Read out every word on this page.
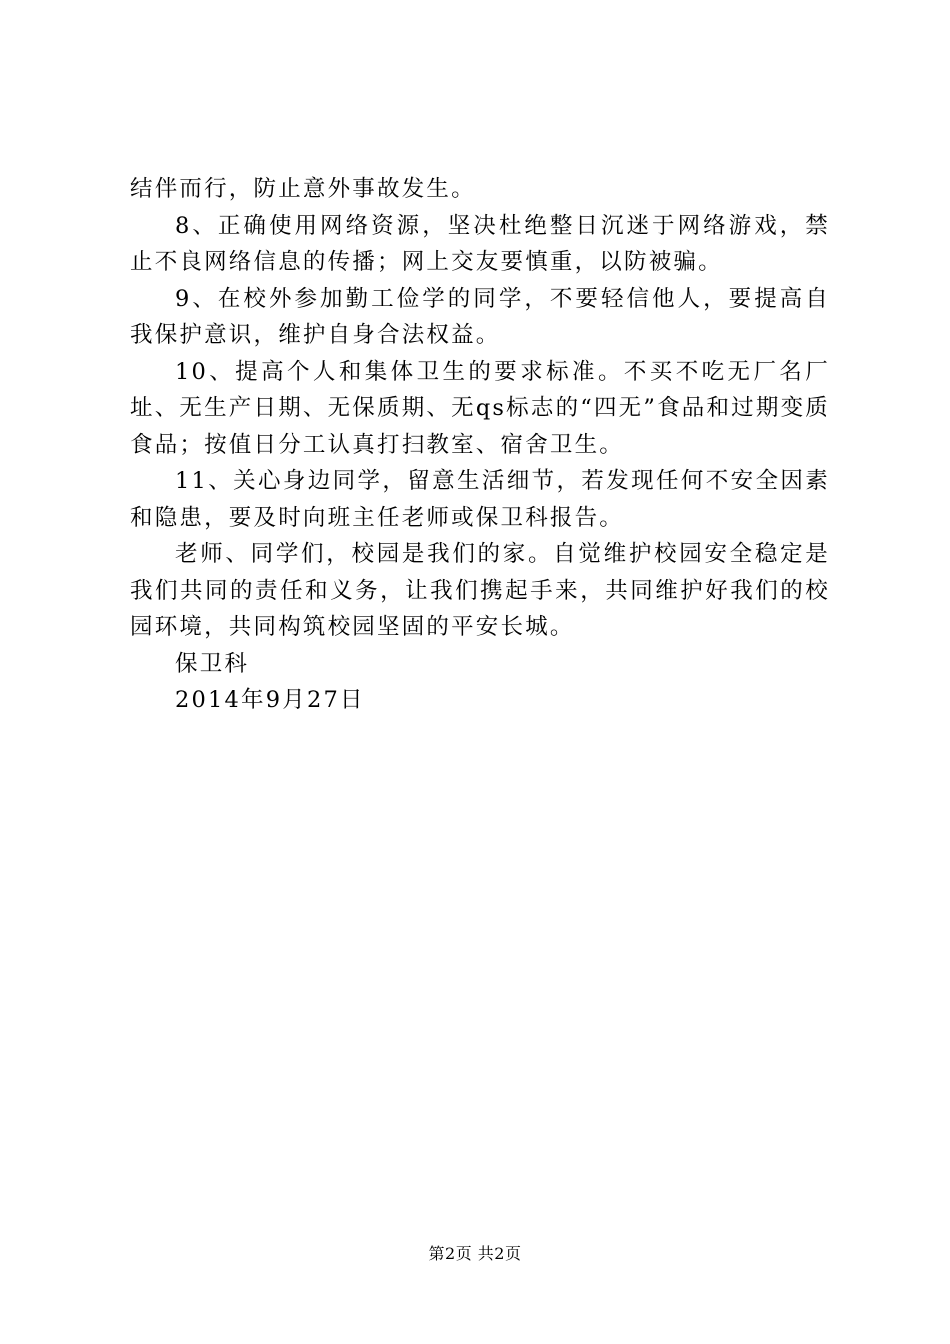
结伴而行，防止意外事故发生。

8、正确使用网络资源，坚决杜绝整日沉迷于网络游戏，禁止不良网络信息的传播；网上交友要慎重，以防被骗。

9、在校外参加勤工俭学的同学，不要轻信他人，要提高自我保护意识，维护自身合法权益。

10、提高个人和集体卫生的要求标准。不买不吃无厂名厂址、无生产日期、无保质期、无qs标志的“四无”食品和过期变质食品；按值日分工认真打扫教室、宿舍卫生。

11、关心身边同学，留意生活细节，若发现任何不安全因素和隐患，要及时向班主任老师或保卫科报告。

老师、同学们，校园是我们的家。自觉维护校园安全稳定是我们共同的责任和义务，让我们携起手来，共同维护好我们的校园环境，共同构筑校园坚固的平安长城。

保卫科

2014年9月27日

第2页 共2页
